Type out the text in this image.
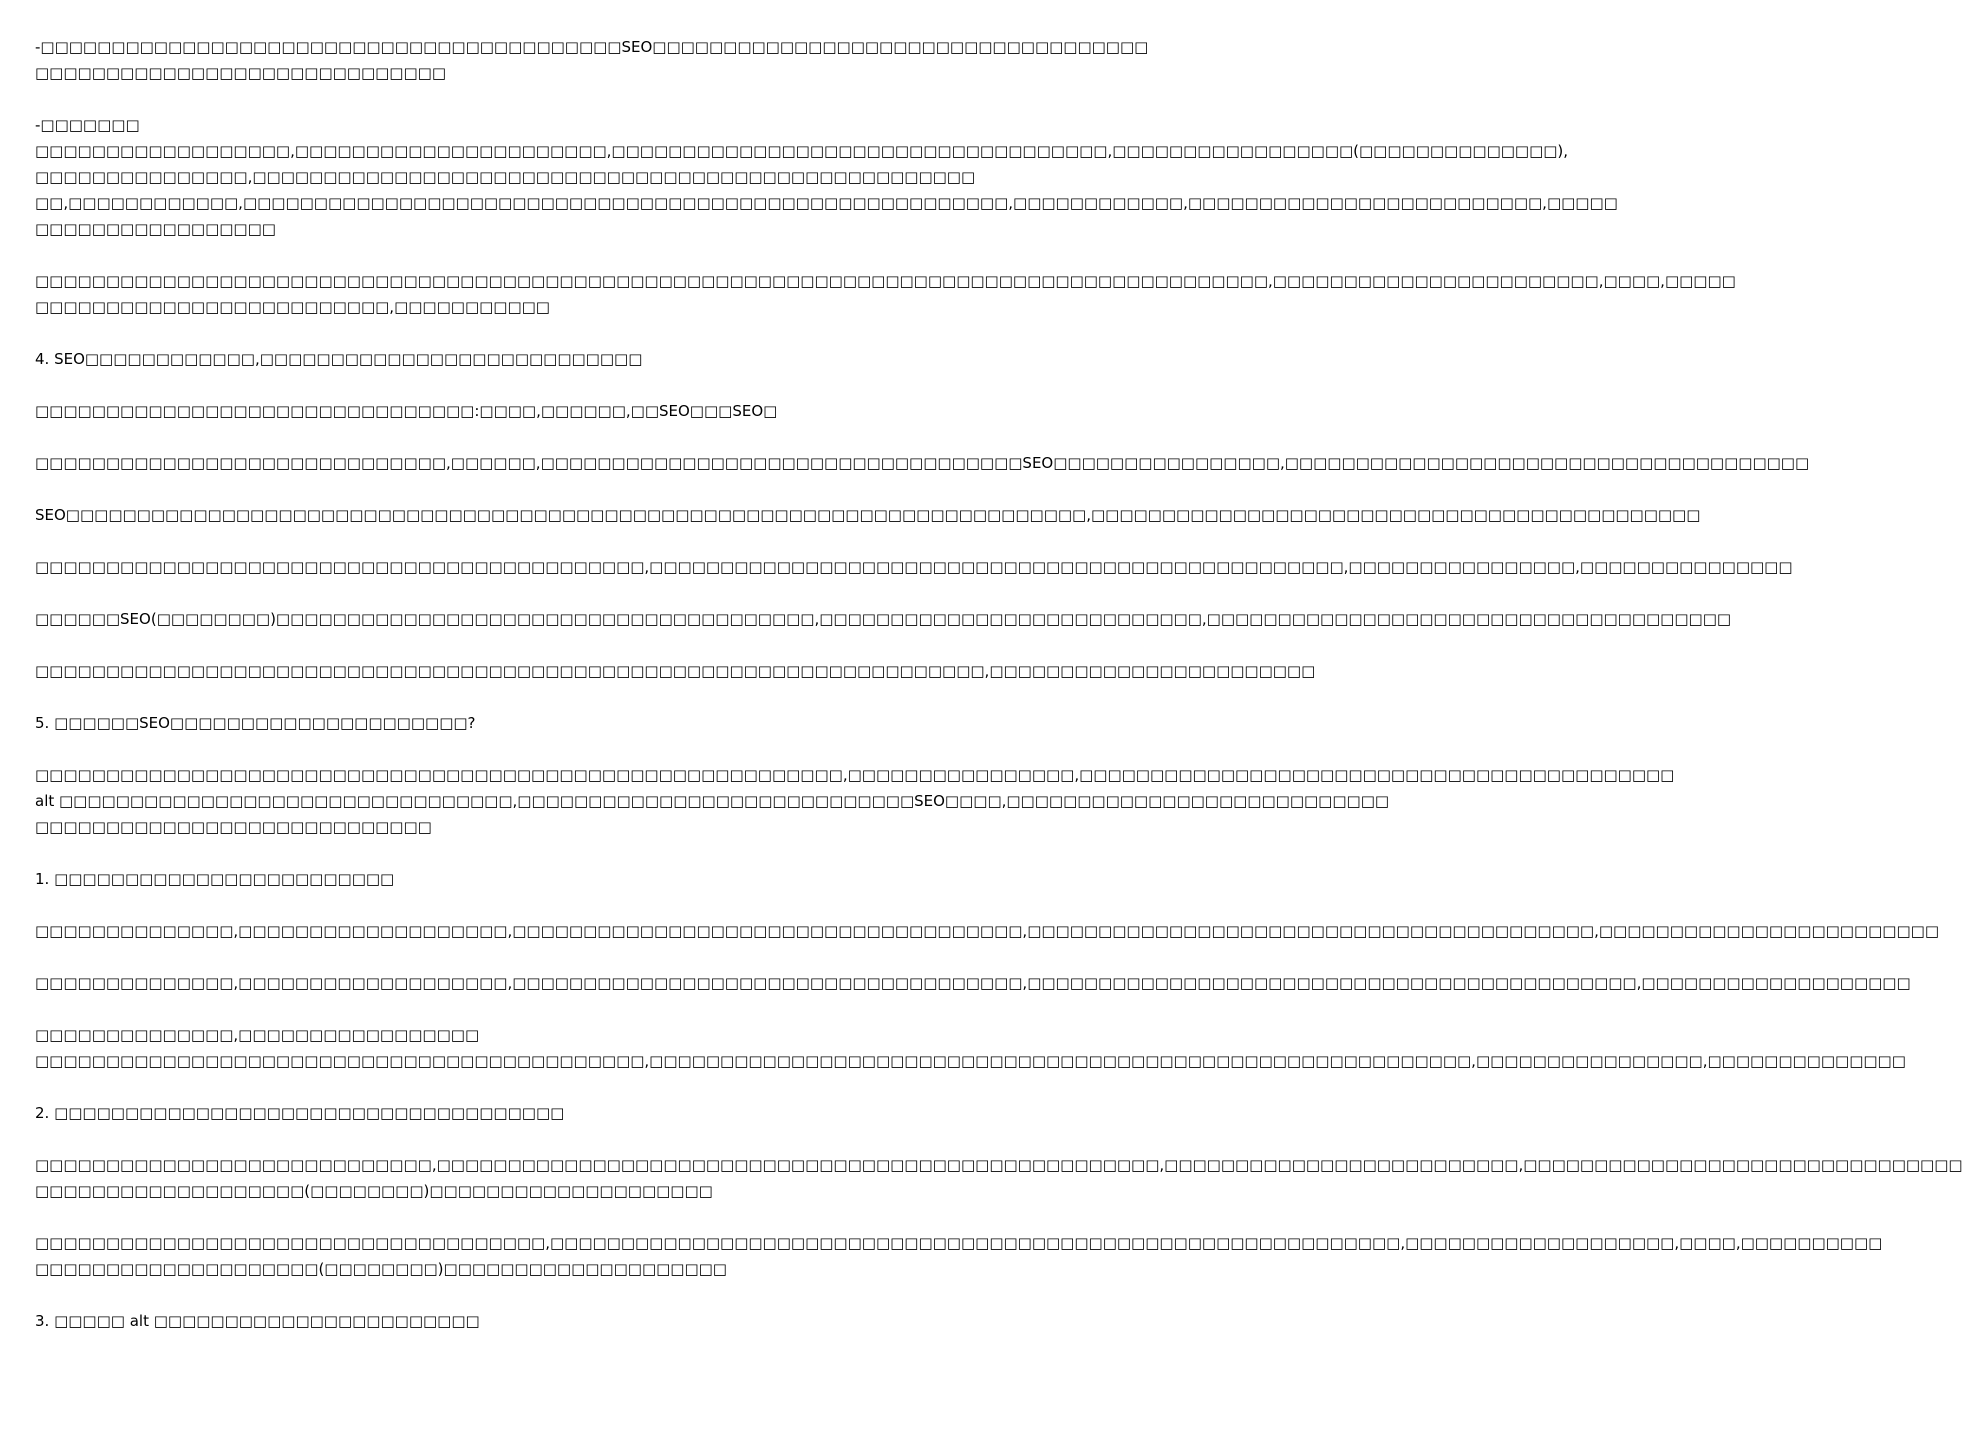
-□□□□□□□□□□□□□□□□□□□□□□□□□□□□□□□□□□□□□□□□□SEO□□□□□□□□□□□□□□□□□□□□□□□□□□□□□□□□□□□
□□□□□□□□□□□□□□□□□□□□□□□□□□□□□
-□□□□□□□
□□□□□□□□□□□□□□□□□□,□□□□□□□□□□□□□□□□□□□□□□,□□□□□□□□□□□□□□□□□□□□□□□□□□□□□□□□□□□,□□□□□□□□□□□□□□□□□(□□□□□□□□□□□□□□),
□□□□□□□□□□□□□□□,□□□□□□□□□□□□□□□□□□□□□□□□□□□□□□□□□□□□□□□□□□□□□□□□□□□
□□,□□□□□□□□□□□□,□□□□□□□□□□□□□□□□□□□□□□□□□□□□□□□□□□□□□□□□□□□□□□□□□□□□□□,□□□□□□□□□□□□,□□□□□□□□□□□□□□□□□□□□□□□□□,□□□□□
□□□□□□□□□□□□□□□□□
□□□□□□□□□□□□□□□□□□□□□□□□□□□□□□□□□□□□□□□□□□□□□□□□□□□□□□□□□□□□□□□□□□□□□□□□□□□□□□□□□□□□□□□,□□□□□□□□□□□□□□□□□□□□□□□,□□□□,□□□□□
□□□□□□□□□□□□□□□□□□□□□□□□□,□□□□□□□□□□□
4. SEO□□□□□□□□□□□□,□□□□□□□□□□□□□□□□□□□□□□□□□□□
□□□□□□□□□□□□□□□□□□□□□□□□□□□□□□□:□□□□,□□□□□□,□□SEO□□□SEO□
□□□□□□□□□□□□□□□□□□□□□□□□□□□□□,□□□□□□,□□□□□□□□□□□□□□□□□□□□□□□□□□□□□□□□□□SEO□□□□□□□□□□□□□□□□,□□□□□□□□□□□□□□□□□□□□□□□□□□□□□□□□□□□□□
SEO□□□□□□□□□□□□□□□□□□□□□□□□□□□□□□□□□□□□□□□□□□□□□□□□□□□□□□□□□□□□□□□□□□□□□□□□,□□□□□□□□□□□□□□□□□□□□□□□□□□□□□□□□□□□□□□□□□□□
□□□□□□□□□□□□□□□□□□□□□□□□□□□□□□□□□□□□□□□□□□□,□□□□□□□□□□□□□□□□□□□□□□□□□□□□□□□□□□□□□□□□□□□□□□□□□,□□□□□□□□□□□□□□□□,□□□□□□□□□□□□□□□
□□□□□□SEO(□□□□□□□□)□□□□□□□□□□□□□□□□□□□□□□□□□□□□□□□□□□□□□□,□□□□□□□□□□□□□□□□□□□□□□□□□□□,□□□□□□□□□□□□□□□□□□□□□□□□□□□□□□□□□□□□□
□□□□□□□□□□□□□□□□□□□□□□□□□□□□□□□□□□□□□□□□□□□□□□□□□□□□□□□□□□□□□□□□□□□,□□□□□□□□□□□□□□□□□□□□□□□
5. □□□□□□SEO□□□□□□□□□□□□□□□□□□□□□?
□□□□□□□□□□□□□□□□□□□□□□□□□□□□□□□□□□□□□□□□□□□□□□□□□□□□□□□□□,□□□□□□□□□□□□□□□□,□□□□□□□□□□□□□□□□□□□□□□□□□□□□□□□□□□□□□□□□□□
alt □□□□□□□□□□□□□□□□□□□□□□□□□□□□□□□□,□□□□□□□□□□□□□□□□□□□□□□□□□□□□SEO□□□□,□□□□□□□□□□□□□□□□□□□□□□□□□□□
□□□□□□□□□□□□□□□□□□□□□□□□□□□□
1. □□□□□□□□□□□□□□□□□□□□□□□□
□□□□□□□□□□□□□□,□□□□□□□□□□□□□□□□□□□,□□□□□□□□□□□□□□□□□□□□□□□□□□□□□□□□□□□□,□□□□□□□□□□□□□□□□□□□□□□□□□□□□□□□□□□□□□□□□,□□□□□□□□□□□□□□□□□□□□□□□□
□□□□□□□□□□□□□□,□□□□□□□□□□□□□□□□□□□,□□□□□□□□□□□□□□□□□□□□□□□□□□□□□□□□□□□□,□□□□□□□□□□□□□□□□□□□□□□□□□□□□□□□□□□□□□□□□□□□,□□□□□□□□□□□□□□□□□□□
□□□□□□□□□□□□□□,□□□□□□□□□□□□□□□□□
□□□□□□□□□□□□□□□□□□□□□□□□□□□□□□□□□□□□□□□□□□□,□□□□□□□□□□□□□□□□□□□□□□□□□□□□□□□□□□□□□□□□□□□□□□□□□□□□□□□□□□,□□□□□□□□□□□□□□□□,□□□□□□□□□□□□□□
2. □□□□□□□□□□□□□□□□□□□□□□□□□□□□□□□□□□□□
□□□□□□□□□□□□□□□□□□□□□□□□□□□□,□□□□□□□□□□□□□□□□□□□□□□□□□□□□□□□□□□□□□□□□□□□□□□□□□□□,□□□□□□□□□□□□□□□□□□□□□□□□□,□□□□□□□□□□□□□□□□□□□□□□□□□□□□□□□
□□□□□□□□□□□□□□□□□□□(□□□□□□□□)□□□□□□□□□□□□□□□□□□□□
□□□□□□□□□□□□□□□□□□□□□□□□□□□□□□□□□□□□,□□□□□□□□□□□□□□□□□□□□□□□□□□□□□□□□□□□□□□□□□□□□□□□□□□□□□□□□□□□□,□□□□□□□□□□□□□□□□□□□,□□□□,□□□□□□□□□□
□□□□□□□□□□□□□□□□□□□□(□□□□□□□□)□□□□□□□□□□□□□□□□□□□□
3. □□□□□ alt □□□□□□□□□□□□□□□□□□□□□□□
